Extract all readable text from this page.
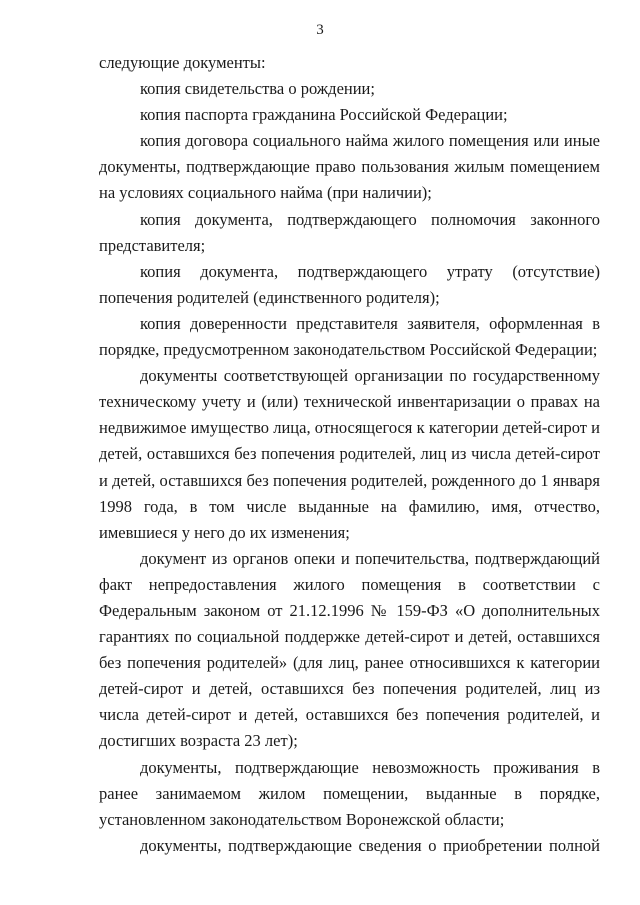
3

следующие документы:

копия свидетельства о рождении;

копия паспорта гражданина Российской Федерации;

копия договора социального найма жилого помещения или иные документы, подтверждающие право пользования жилым помещением на условиях социального найма (при наличии);

копия документа, подтверждающего полномочия законного представителя;

копия документа, подтверждающего утрату (отсутствие) попечения родителей (единственного родителя);

копия доверенности представителя заявителя, оформленная в порядке, предусмотренном законодательством Российской Федерации;

документы соответствующей организации по государственному техническому учету и (или) технической инвентаризации о правах на недвижимое имущество лица, относящегося к категории детей-сирот и детей, оставшихся без попечения родителей, лиц из числа детей-сирот и детей, оставшихся без попечения родителей, рожденного до 1 января 1998 года, в том числе выданные на фамилию, имя, отчество, имевшиеся у него до их изменения;

документ из органов опеки и попечительства, подтверждающий факт непредоставления жилого помещения в соответствии с Федеральным законом от 21.12.1996 № 159-ФЗ «О дополнительных гарантиях по социальной поддержке детей-сирот и детей, оставшихся без попечения родителей» (для лиц, ранее относившихся к категории детей-сирот и детей, оставшихся без попечения родителей, лиц из числа детей-сирот и детей, оставшихся без попечения родителей, и достигших возраста 23 лет);

документы, подтверждающие невозможность проживания в ранее занимаемом жилом помещении, выданные в порядке, установленном законодательством Воронежской области;

документы, подтверждающие сведения о приобретении полной
